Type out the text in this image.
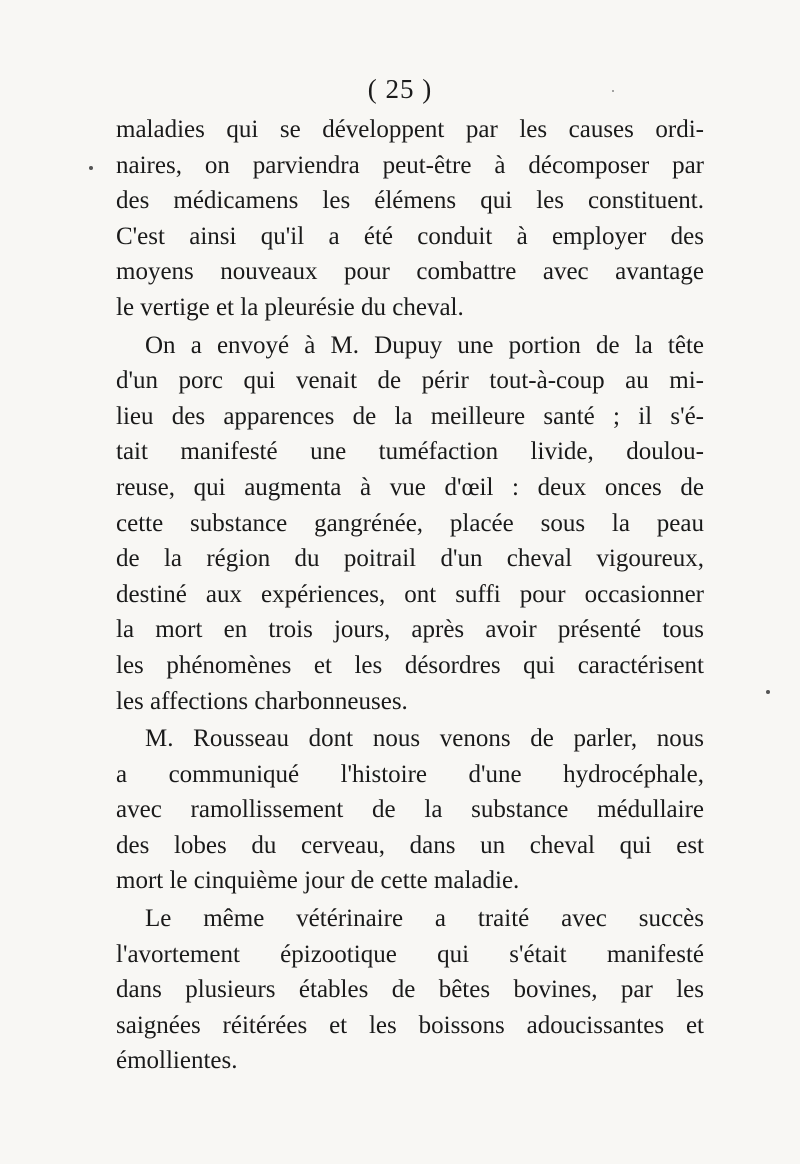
( 25 )

maladies qui se développent par les causes ordi-
naires, on parviendra peut-être à décomposer par
des médicamens les élémens qui les constituent.
C'est ainsi qu'il a été conduit à employer des
moyens nouveaux pour combattre avec avantage
le vertige et la pleurésie du cheval.

On a envoyé à M. Dupuy une portion de la tête
d'un porc qui venait de périr tout-à-coup au mi-
lieu des apparences de la meilleure santé ; il s'é-
tait manifesté une tuméfaction livide, doulou-
reuse, qui augmenta à vue d'œil : deux onces de
cette substance gangrénée, placée sous la peau
de la région du poitrail d'un cheval vigoureux,
destiné aux expériences, ont suffi pour occasionner
la mort en trois jours, après avoir présenté tous
les phénomènes et les désordres qui caractérisent
les affections charbonneuses.

M. Rousseau dont nous venons de parler, nous
a communiqué l'histoire d'une hydrocéphale,
avec ramollissement de la substance médullaire
des lobes du cerveau, dans un cheval qui est
mort le cinquième jour de cette maladie.

Le même vétérinaire a traité avec succès
l'avortement épizootique qui s'était manifesté
dans plusieurs étables de bêtes bovines, par les
saignées réitérées et les boissons adoucissantes et
émollientes.
